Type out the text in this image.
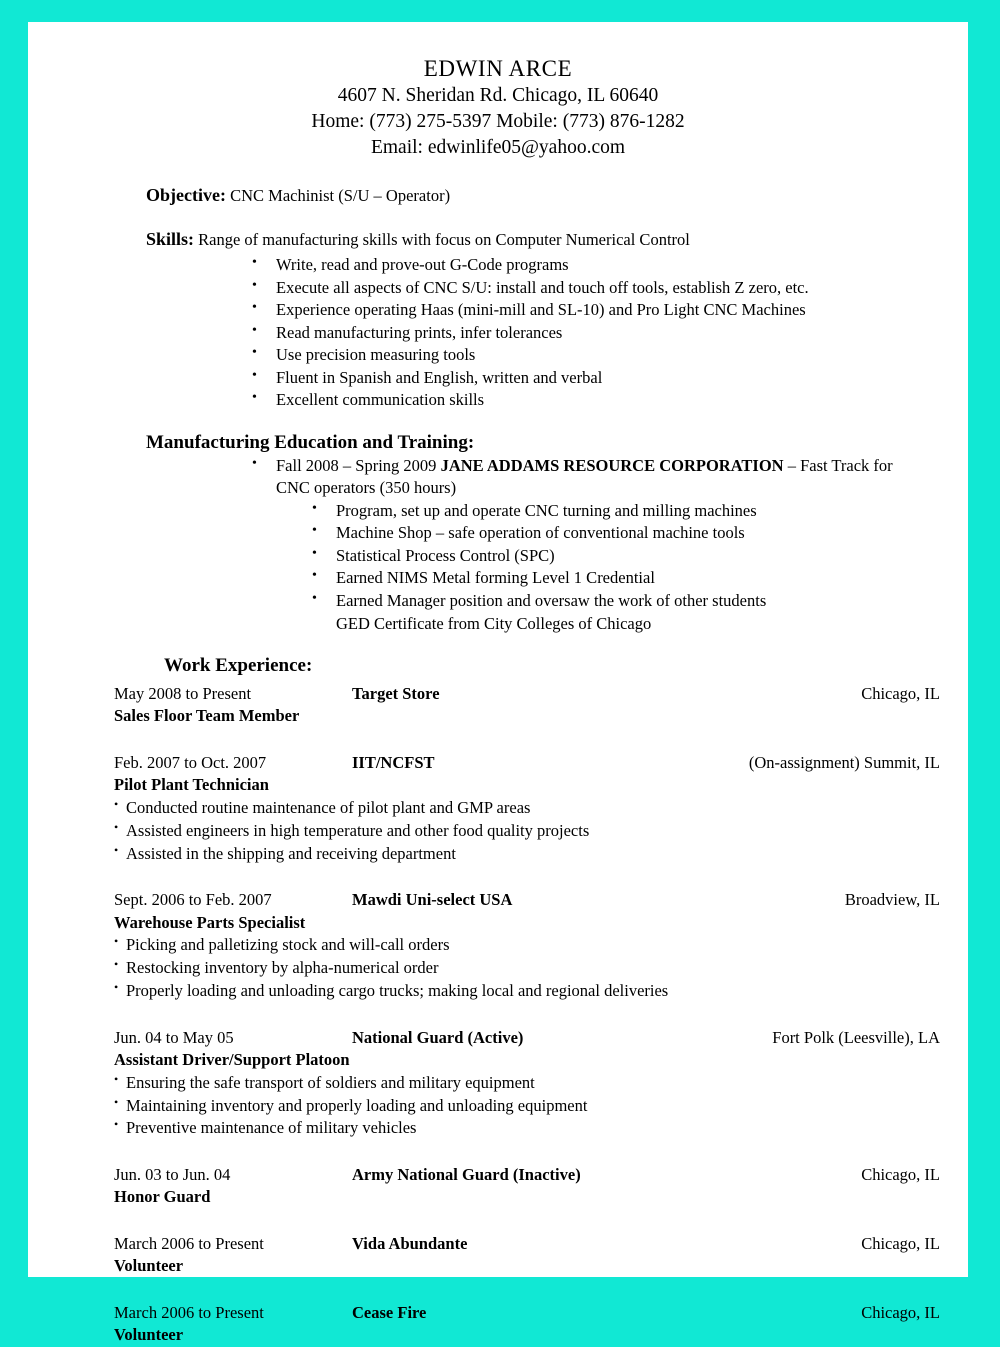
EDWIN ARCE
4607 N. Sheridan Rd. Chicago, IL 60640
Home: (773) 275-5397 Mobile: (773) 876-1282
Email: edwinlife05@yahoo.com
Objective: CNC Machinist (S/U – Operator)
Skills: Range of manufacturing skills with focus on Computer Numerical Control
• Write, read and prove-out G-Code programs
• Execute all aspects of CNC S/U: install and touch off tools, establish Z zero, etc.
• Experience operating Haas (mini-mill and SL-10) and Pro Light CNC Machines
• Read manufacturing prints, infer tolerances
• Use precision measuring tools
• Fluent in Spanish and English, written and verbal
• Excellent communication skills
Manufacturing Education and Training:
• Fall 2008 – Spring 2009 JANE ADDAMS RESOURCE CORPORATION – Fast Track for CNC operators (350 hours)
• Program, set up and operate CNC turning and milling machines
• Machine Shop – safe operation of conventional machine tools
• Statistical Process Control (SPC)
• Earned NIMS Metal forming Level 1 Credential
• Earned Manager position and oversaw the work of other students
GED Certificate from City Colleges of Chicago
Work Experience:
May 2008 to Present	Target Store	Chicago, IL
Sales Floor Team Member
Feb. 2007 to Oct. 2007	IIT/NCFST	(On-assignment) Summit, IL
Pilot Plant Technician
• Conducted routine maintenance of pilot plant and GMP areas
• Assisted engineers in high temperature and other food quality projects
• Assisted in the shipping and receiving department
Sept. 2006 to Feb. 2007	Mawdi Uni-select USA	Broadview, IL
Warehouse Parts Specialist
• Picking and palletizing stock and will-call orders
• Restocking inventory by alpha-numerical order
• Properly loading and unloading cargo trucks; making local and regional deliveries
Jun. 04 to May 05	National Guard (Active)	Fort Polk (Leesville), LA
Assistant Driver/Support Platoon
• Ensuring the safe transport of soldiers and military equipment
• Maintaining inventory and properly loading and unloading equipment
• Preventive maintenance of military vehicles
Jun. 03 to Jun. 04	Army National Guard (Inactive)	Chicago, IL
Honor Guard
March 2006 to Present	Vida Abundante	Chicago, IL
Volunteer
March 2006 to Present	Cease Fire	Chicago, IL
Volunteer
